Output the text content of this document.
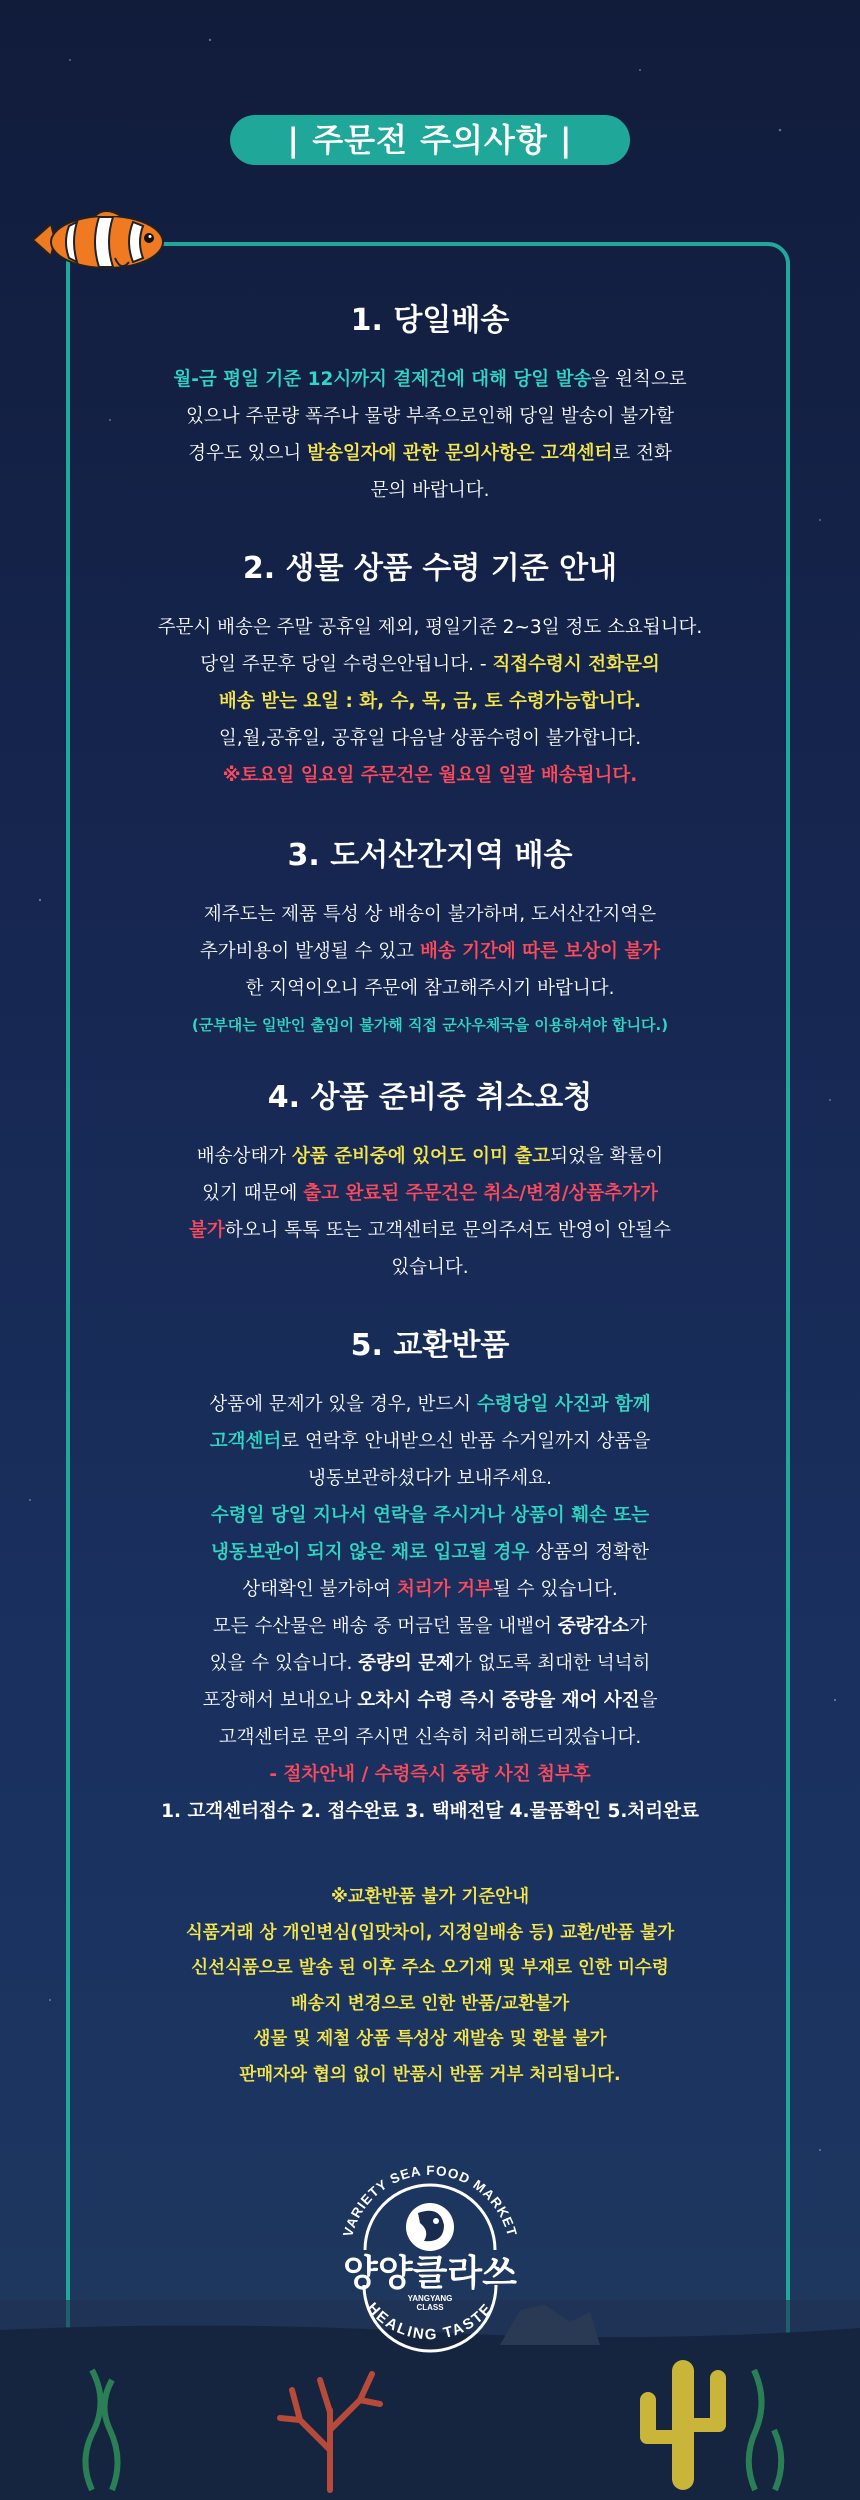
| 주문전 주의사항 |
1. 당일배송

월-금 평일 기준 12시까지 결제건에 대해 당일 발송을 원칙으로

있으나 주문량 폭주나 물량 부족으로인해 당일 발송이 불가할

경우도 있으니 발송일자에 관한 문의사항은 고객센터로 전화

문의 바랍니다.

2. 생물 상품 수령 기준 안내

주문시 배송은 주말 공휴일 제외, 평일기준 2~3일 정도 소요됩니다.

당일 주문후 당일 수령은안됩니다. - 직접수령시 전화문의

배송 받는 요일 : 화, 수, 목, 금, 토 수령가능합니다.

일,월,공휴일, 공휴일 다음날 상품수령이 불가합니다.

※토요일 일요일 주문건은 월요일 일괄 배송됩니다.

3. 도서산간지역 배송

제주도는 제품 특성 상 배송이 불가하며, 도서산간지역은

추가비용이 발생될 수 있고 배송 기간에 따른 보상이 불가

한 지역이오니 주문에 참고해주시기 바랍니다.

(군부대는 일반인 출입이 불가해 직접 군사우체국을 이용하셔야 합니다.)

4. 상품 준비중 취소요청

배송상태가 상품 준비중에 있어도 이미 출고되었을 확률이

있기 때문에 출고 완료된 주문건은 취소/변경/상품추가가

불가하오니 톡톡 또는 고객센터로 문의주셔도 반영이 안될수

있습니다.

5. 교환반품

상품에 문제가 있을 경우, 반드시 수령당일 사진과 함께

고객센터로 연락후 안내받으신 반품 수거일까지 상품을

냉동보관하셨다가 보내주세요.

수령일 당일 지나서 연락을 주시거나 상품이 훼손 또는

냉동보관이 되지 않은 채로 입고될 경우 상품의 정확한

상태확인 불가하여 처리가 거부될 수 있습니다.

모든 수산물은 배송 중 머금던 물을 내뱉어 중량감소가

있을 수 있습니다. 중량의 문제가 없도록 최대한 넉넉히

포장해서 보내오나 오차시 수령 즉시 중량을 재어 사진을

고객센터로 문의 주시면 신속히 처리해드리겠습니다.

- 절차안내 / 수령즉시 중량 사진 첨부후

1. 고객센터접수 2. 접수완료 3. 택배전달 4.물품확인 5.처리완료

※교환반품 불가 기준안내

식품거래 상 개인변심(입맛차이, 지정일배송 등) 교환/반품 불가

신선식품으로 발송 된 이후 주소 오기재 및 부재로 인한 미수령

배송지 변경으로 인한 반품/교환불가

생물 및 제철 상품 특성상 재발송 및 환불 불가

판매자와 협의 없이 반품시 반품 거부 처리됩니다.

VARIETY SEA FOOD MARKET
양양클라쓰
YANGYANG
CLASS
HEALING TASTE
